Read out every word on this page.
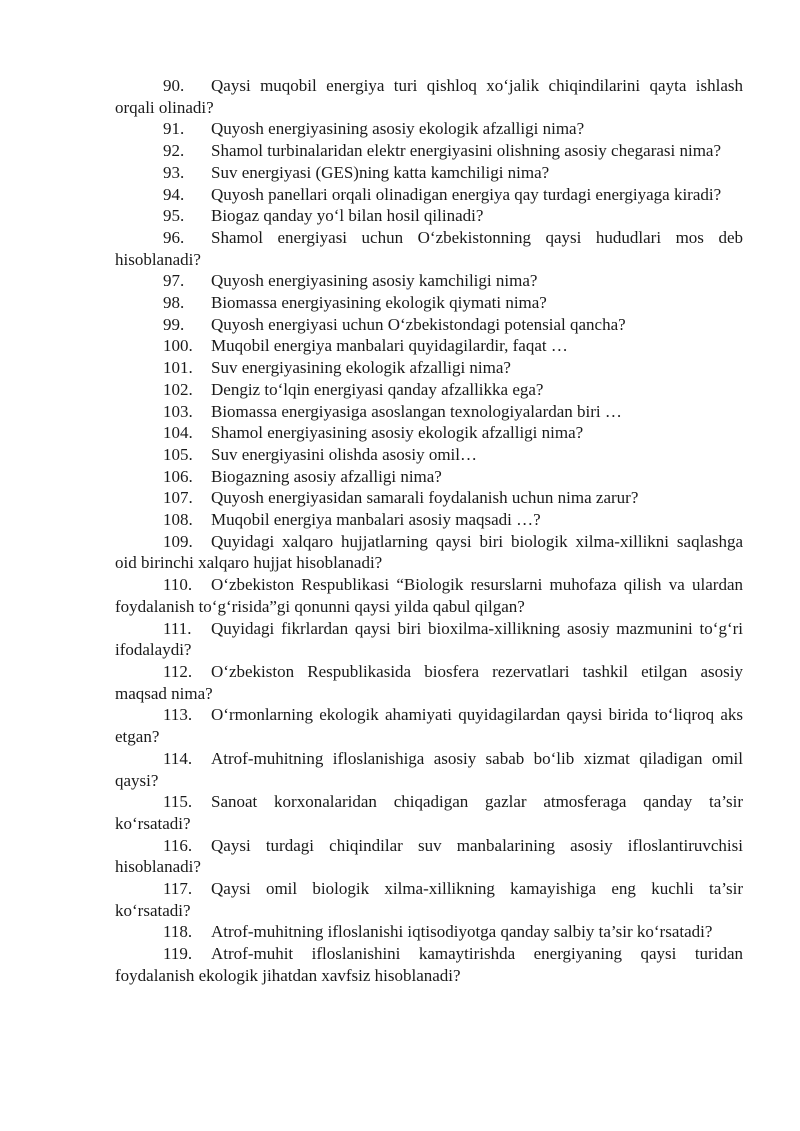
90. Qaysi muqobil energiya turi qishloq xo‘jalik chiqindilarini qayta ishlash orqali olinadi?

91. Quyosh energiyasining asosiy ekologik afzalligi nima?

92. Shamol turbinalaridan elektr energiyasini olishning asosiy chegarasi nima?

93. Suv energiyasi (GES)ning katta kamchiligi nima?

94. Quyosh panellari orqali olinadigan energiya qay turdagi energiyaga kiradi?

95. Biogaz qanday yo‘l bilan hosil qilinadi?

96. Shamol energiyasi uchun O‘zbekistonning qaysi hududlari mos deb hisoblanadi?

97. Quyosh energiyasining asosiy kamchiligi nima?

98. Biomassa energiyasining ekologik qiymati nima?

99. Quyosh energiyasi uchun O‘zbekistondagi potensial qancha?

100. Muqobil energiya manbalari quyidagilardir, faqat …

101. Suv energiyasining ekologik afzalligi nima?

102. Dengiz to‘lqin energiyasi qanday afzallikka ega?

103. Biomassa energiyasiga asoslangan texnologiyalardan biri …

104. Shamol energiyasining asosiy ekologik afzalligi nima?

105. Suv energiyasini olishda asosiy omil…

106. Biogazning asosiy afzalligi nima?

107. Quyosh energiyasidan samarali foydalanish uchun nima zarur?

108. Muqobil energiya manbalari asosiy maqsadi …?

109. Quyidagi xalqaro hujjatlarning qaysi biri biologik xilma-xillikni saqlashga oid birinchi xalqaro hujjat hisoblanadi?

110. O‘zbekiston Respublikasi “Biologik resurslarni muhofaza qilish va ulardan foydalanish to‘g‘risida”gi qonunni qaysi yilda qabul qilgan?

111. Quyidagi fikrlardan qaysi biri bioxilma-xillikning asosiy mazmunini to‘g‘ri ifodalaydi?

112. O‘zbekiston Respublikasida biosfera rezervatlari tashkil etilgan asosiy maqsad nima?

113. O‘rmonlarning ekologik ahamiyati quyidagilardan qaysi birida to‘liqroq aks etgan?

114. Atrof-muhitning ifloslanishiga asosiy sabab bo‘lib xizmat qiladigan omil qaysi?

115. Sanoat korxonalaridan chiqadigan gazlar atmosferaga qanday ta’sir ko‘rsatadi?

116. Qaysi turdagi chiqindilar suv manbalarining asosiy ifloslantiruvchisi hisoblanadi?

117. Qaysi omil biologik xilma-xillikning kamayishiga eng kuchli ta’sir ko‘rsatadi?

118. Atrof-muhitning ifloslanishi iqtisodiyotga qanday salbiy ta’sir ko‘rsatadi?

119. Atrof-muhit ifloslanishini kamaytirishda energiyaning qaysi turidan foydalanish ekologik jihatdan xavfsiz hisoblanadi?
